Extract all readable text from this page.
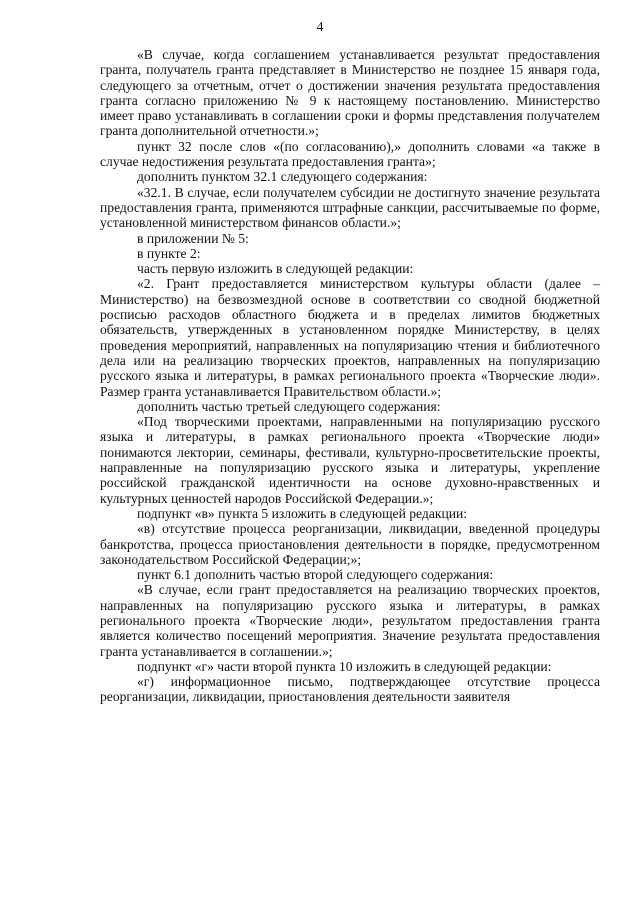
4

«В случае, когда соглашением устанавливается результат предоставления гранта, получатель гранта представляет в Министерство не позднее 15 января года, следующего за отчетным, отчет о достижении значения результата предоставления гранта согласно приложению № 9 к настоящему постановлению. Министерство имеет право устанавливать в соглашении сроки и формы представления получателем гранта дополнительной отчетности.»;

пункт 32 после слов «(по согласованию),» дополнить словами «а также в случае недостижения результата предоставления гранта»;

дополнить пунктом 32.1 следующего содержания:

«32.1. В случае, если получателем субсидии не достигнуто значение результата предоставления гранта, применяются штрафные санкции, рассчитываемые по форме, установленной министерством финансов области.»;

в приложении № 5:

в пункте 2:

часть первую изложить в следующей редакции:

«2. Грант предоставляется министерством культуры области (далее – Министерство) на безвозмездной основе в соответствии со сводной бюджетной росписью расходов областного бюджета и в пределах лимитов бюджетных обязательств, утвержденных в установленном порядке Министерству, в целях проведения мероприятий, направленных на популяризацию чтения и библиотечного дела или на реализацию творческих проектов, направленных на популяризацию русского языка и литературы, в рамках регионального проекта «Творческие люди». Размер гранта устанавливается Правительством области.»;

дополнить частью третьей следующего содержания:

«Под творческими проектами, направленными на популяризацию русского языка и литературы, в рамках регионального проекта «Творческие люди» понимаются лектории, семинары, фестивали, культурно-просветительские проекты, направленные на популяризацию русского языка и литературы, укрепление российской гражданской идентичности на основе духовно-нравственных и культурных ценностей народов Российской Федерации.»;

подпункт «в» пункта 5 изложить в следующей редакции:

«в) отсутствие процесса реорганизации, ликвидации, введенной процедуры банкротства, процесса приостановления деятельности в порядке, предусмотренном законодательством Российской Федерации;»;

пункт 6.1 дополнить частью второй следующего содержания:

«В случае, если грант предоставляется на реализацию творческих проектов, направленных на популяризацию русского языка и литературы, в рамках регионального проекта «Творческие люди», результатом предоставления гранта является количество посещений мероприятия. Значение результата предоставления гранта устанавливается в соглашении.»;

подпункт «г» части второй пункта 10 изложить в следующей редакции:

«г) информационное письмо, подтверждающее отсутствие процесса реорганизации, ликвидации, приостановления деятельности заявителя
